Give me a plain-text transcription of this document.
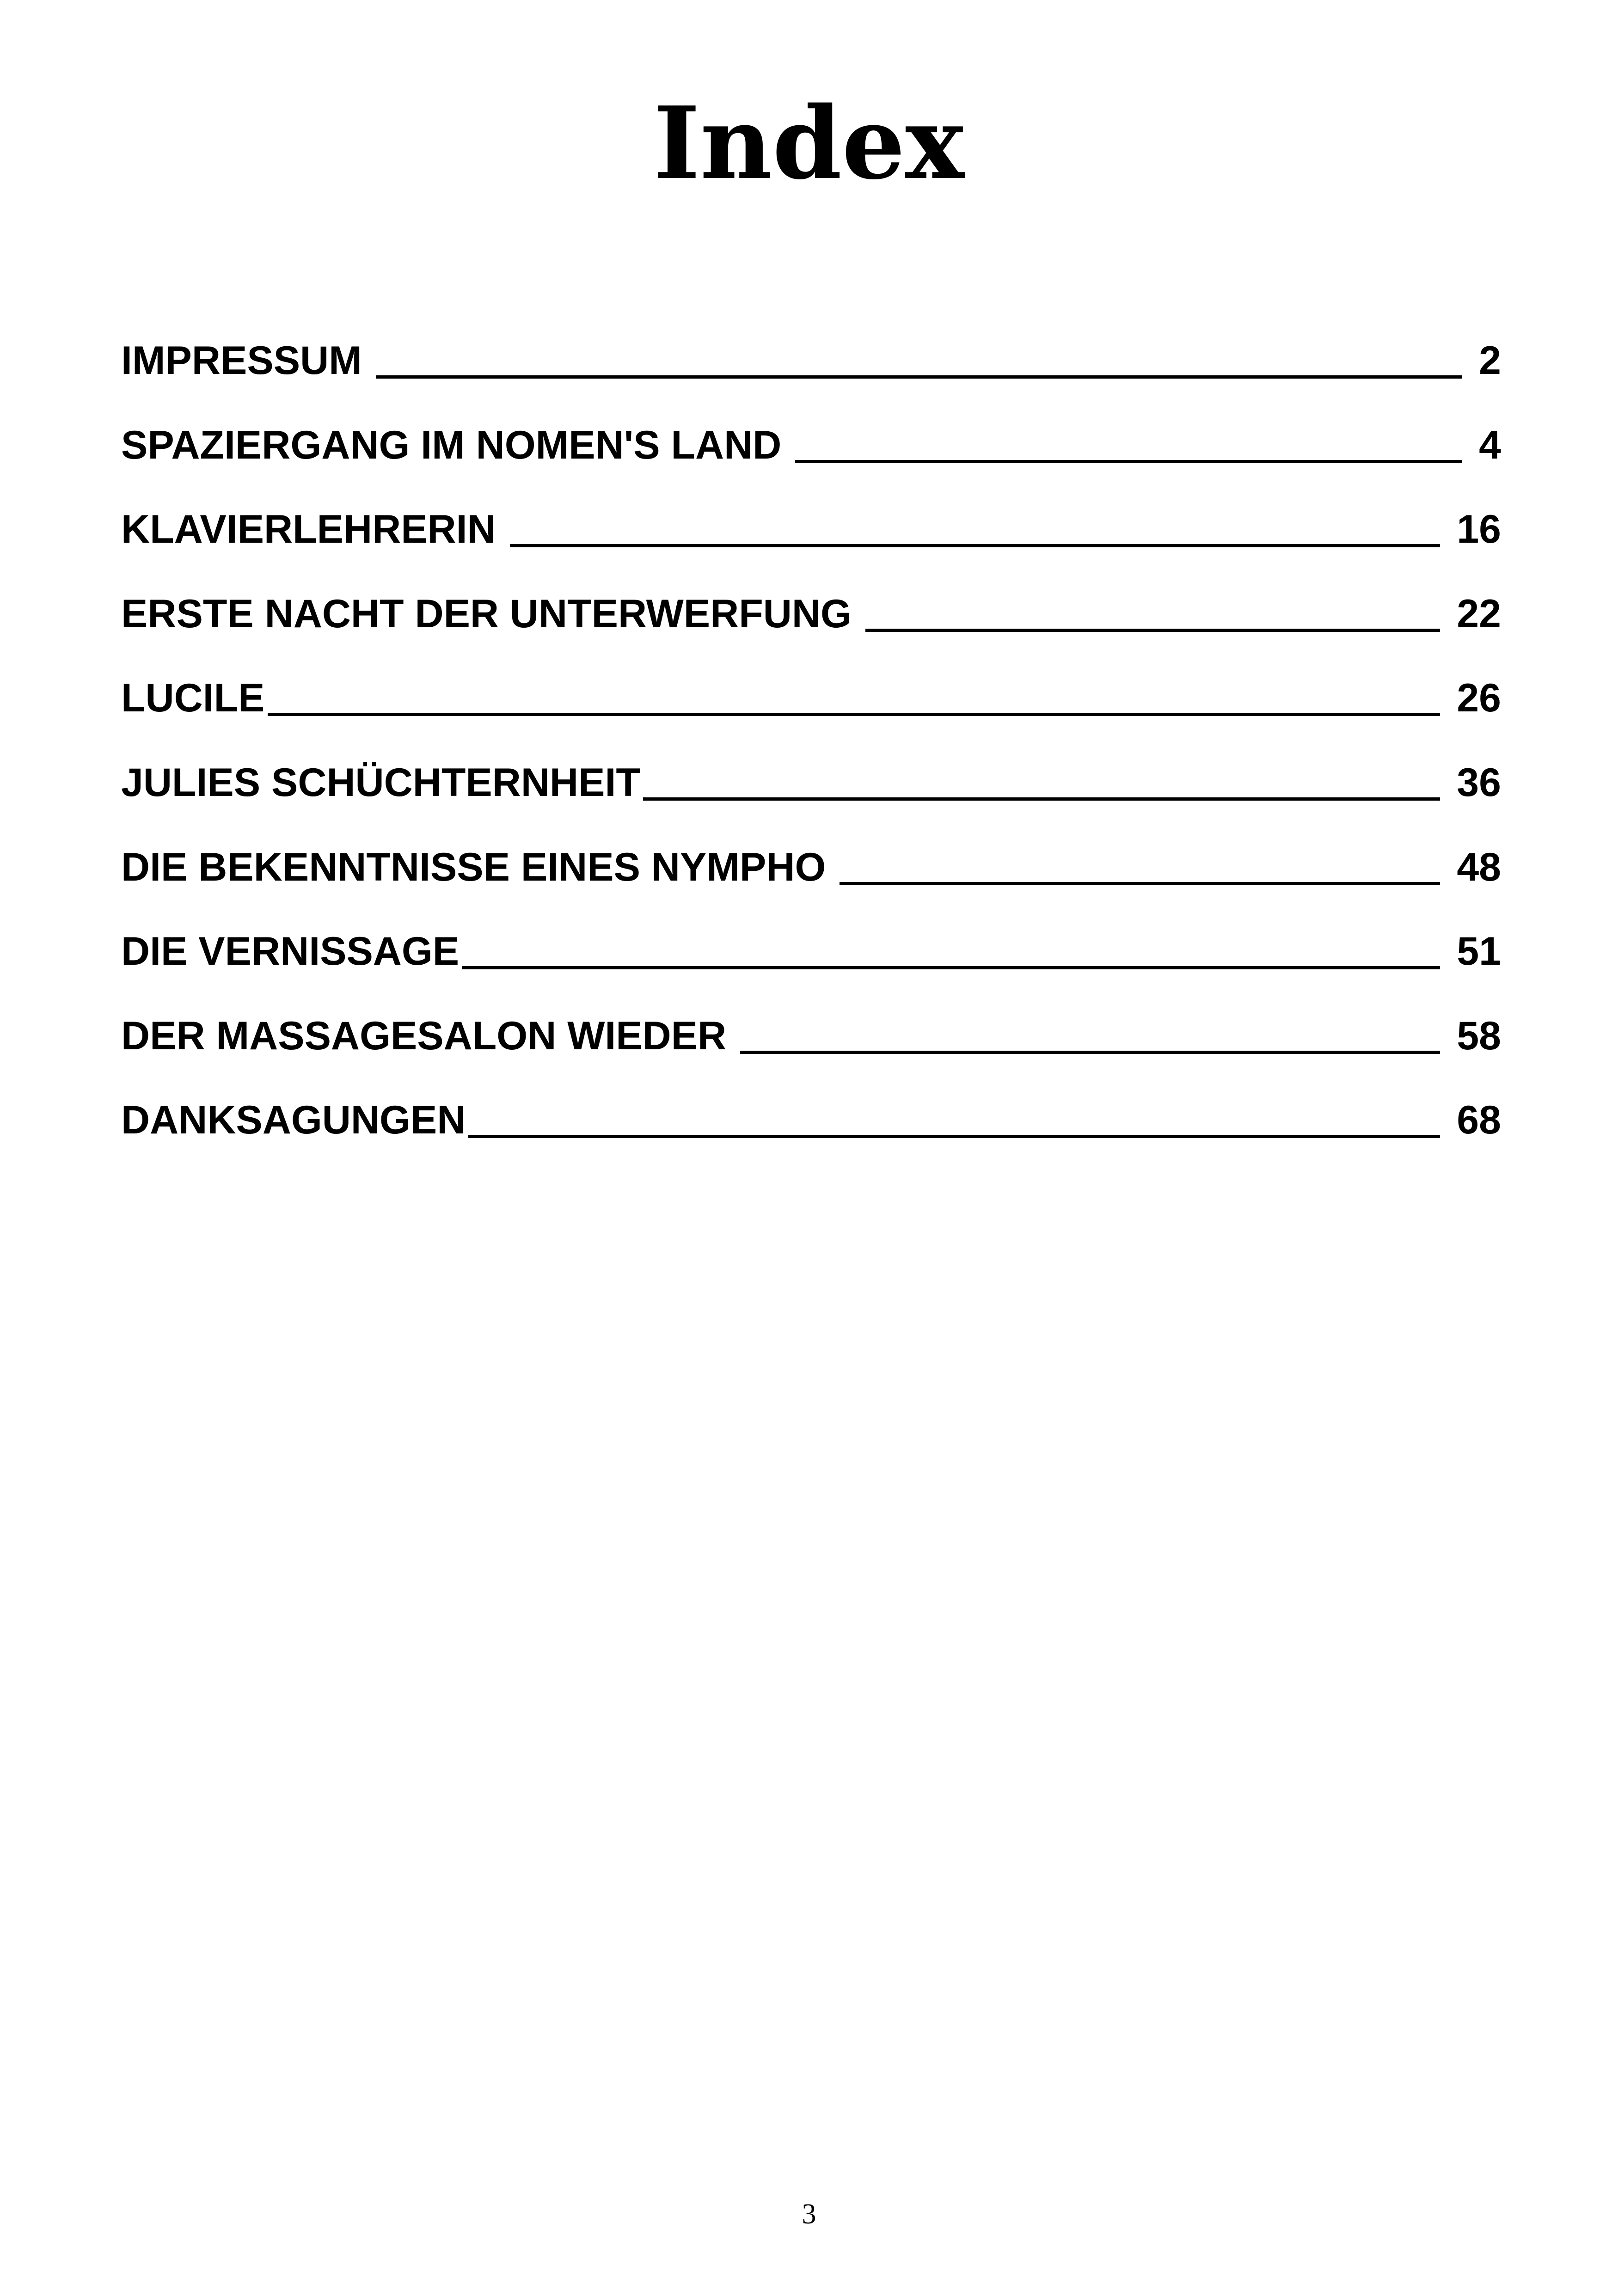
Index
IMPRESSUM	2
SPAZIERGANG IM NOMEN'S LAND	4
KLAVIERLEHRERIN	16
ERSTE NACHT DER UNTERWERFUNG	22
LUCILE	26
JULIES SCHÜCHTERNHEIT	36
DIE BEKENNTNISSE EINES NYMPHO	48
DIE VERNISSAGE	51
DER MASSAGESALON WIEDER	58
DANKSAGUNGEN	68
3
